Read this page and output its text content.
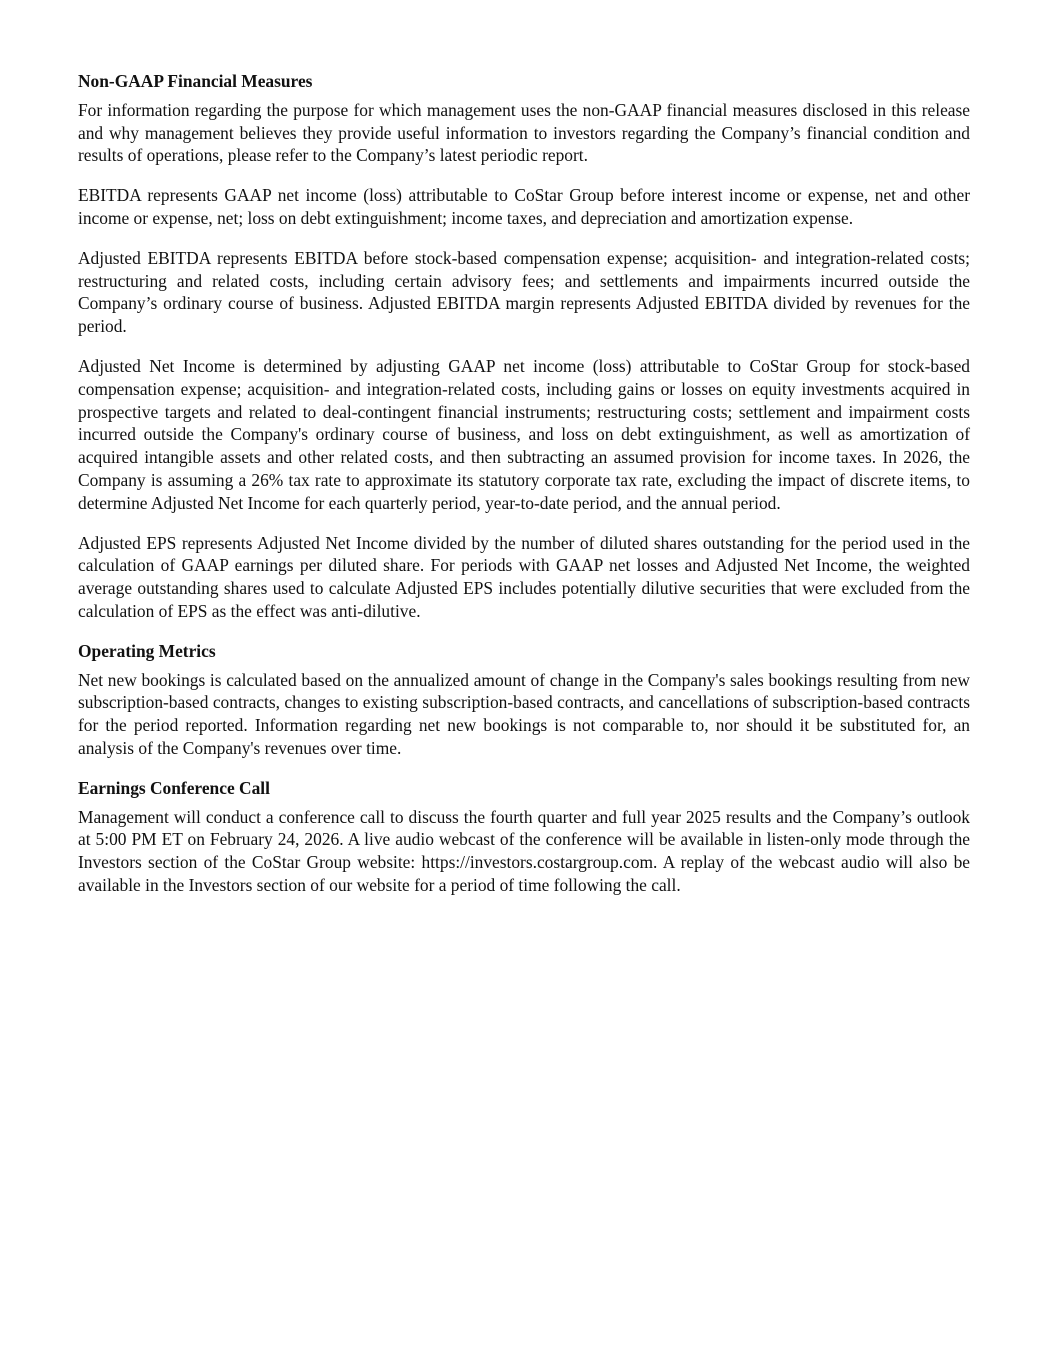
Non-GAAP Financial Measures

For information regarding the purpose for which management uses the non-GAAP financial measures disclosed in this release and why management believes they provide useful information to investors regarding the Company’s financial condition and results of operations, please refer to the Company’s latest periodic report.

EBITDA represents GAAP net income (loss) attributable to CoStar Group before interest income or expense, net and other income or expense, net; loss on debt extinguishment; income taxes, and depreciation and amortization expense.

Adjusted EBITDA represents EBITDA before stock-based compensation expense; acquisition- and integration-related costs; restructuring and related costs, including certain advisory fees; and settlements and impairments incurred outside the Company’s ordinary course of business. Adjusted EBITDA margin represents Adjusted EBITDA divided by revenues for the period.

Adjusted Net Income is determined by adjusting GAAP net income (loss) attributable to CoStar Group for stock-based compensation expense; acquisition- and integration-related costs, including gains or losses on equity investments acquired in prospective targets and related to deal-contingent financial instruments; restructuring costs; settlement and impairment costs incurred outside the Company's ordinary course of business, and loss on debt extinguishment, as well as amortization of acquired intangible assets and other related costs, and then subtracting an assumed provision for income taxes. In 2026, the Company is assuming a 26% tax rate to approximate its statutory corporate tax rate, excluding the impact of discrete items, to determine Adjusted Net Income for each quarterly period, year-to-date period, and the annual period.

Adjusted EPS represents Adjusted Net Income divided by the number of diluted shares outstanding for the period used in the calculation of GAAP earnings per diluted share. For periods with GAAP net losses and Adjusted Net Income, the weighted average outstanding shares used to calculate Adjusted EPS includes potentially dilutive securities that were excluded from the calculation of EPS as the effect was anti-dilutive.

Operating Metrics

Net new bookings is calculated based on the annualized amount of change in the Company's sales bookings resulting from new subscription-based contracts, changes to existing subscription-based contracts, and cancellations of subscription-based contracts for the period reported. Information regarding net new bookings is not comparable to, nor should it be substituted for, an analysis of the Company's revenues over time.

Earnings Conference Call

Management will conduct a conference call to discuss the fourth quarter and full year 2025 results and the Company’s outlook at 5:00 PM ET on February 24, 2026. A live audio webcast of the conference will be available in listen-only mode through the Investors section of the CoStar Group website: https://investors.costargroup.com. A replay of the webcast audio will also be available in the Investors section of our website for a period of time following the call.
